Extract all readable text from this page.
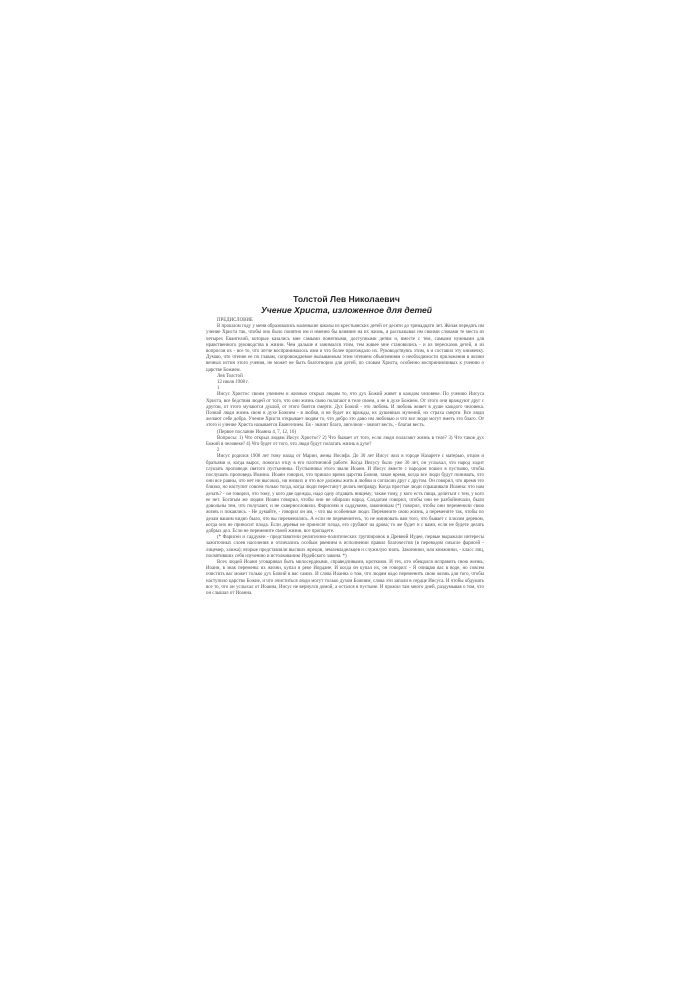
Толстой Лев Николаевич
Учение Христа, изложенное для детей

ПРЕДИСЛОВИЕ

В прошлом году у меня образовались маленькие школы из крестьянских детей от десяти до тринадцати лет. Желая передать им учение Христа так, чтобы оно было понятно им и именно бы влияние на их жизнь, я рассказывал им своими словами те места из четырех Евангелий, которые казались мне самыми понятными, доступными детям и, вместе с тем, самыми нужными для нравственного руководства в жизни. Чем дальше я занимался этим, тем живее мне становились - и из пересказов детей, и из вопросов их - все то, что легче воспринималось ими и что более пригождало их. Руководствуясь этим, я и составил эту книжечку. Думаю, что чтение ее по главам, сопровождаемое вызываемым этим чтением объяснениям о необходимости приложения в жизни вечных истин этого учения, не может не быть благотворно для детей, по словам Христа, особенно воспринимчивых к учению о царстве Божием.

Лев Толстой

12 июля 1908 г.

1

Иисус Христос своим учением и жизнью открыл людям то, что дух Божий живет в каждом человеке. По учению Иисуса Христа, все бедствия людей от того, что они жизнь свою полагают в теле своем, а не в духе Божием. От этого они враждуют друг с другом, от этого мучаются душой, от этого боятся смерти. Дух Божий - это любовь. И любовь живет в душе каждого человека. Познай люди жизнь свою в духе Божием - в любви, и не будет их вражды, их душевных мучений, их страха смерти. Все люди желают себе добра. Учение Христа открывает людям то, что добро это дано им любовью и что все люди могут иметь это благо. От этого и учение Христа называется Евангелием. Ев - значит благо, ангелион - значит весть, - благая весть.

(Первое послание Иоанна 4, 7, 12, 16)

Вопросы: 1) Что открыл людям Иисус Христос? 2) Что бывает от того, если люди полагают жизнь в теле? 3) Что такое дух Божий в человеке? 4) Что будет от того, что люди будут полагать жизнь в духе?

2

Иисус родился 1908 лет тому назад от Марии, жены Иосифа. До 30 лет Иисус жил в городе Назарете с матерью, отцом и братьями и, когда вырос, помогал отцу в его плотничной работе. Когда Иисусу было уже 30 лет, он услыхал, что народ ходит слушать проповеди святого пустынника. Пустынника этого звали Иоанн. И Иисус вместе с народом пошел в пустыню, чтобы послушать проповедь Иоанна. Иоанн говорил, что пришло время царства Божия, такое время, когда все люди будут понимать, что они все равны, что нет ни высоких, ни низких и что все должны жить в любви и согласии друг с другом. Он говорил, что время это близко, но наступит совсем только тогда, когда люди перестанут делать неправду. Когда простые люди спрашивали Иоанна: что нам делать? - он говорил, что тому, у кого две одежды, надо одну отдавать нищему; также тому, у кого есть пища, делиться с тем, у кого ее нет. Богатым же людям Иоанн говорил, чтобы они не обирали народ. Солдатам говорил, чтобы они не разбойничали, были довольны тем, что получают, и не сквернословили. Фарисеям и саддукеям, законникам (*) говорил, чтобы они переменили свою жизнь и покаялись. - Не думайте, - говорил он им, - что вы особенные люди. Перемените свою жизнь, а перемените так, чтобы по делам вашим видно было, что вы переменились. А если не переменитесь, то не минновать вам того, что бывает с плохим деревом, когда оно не приносит плода. Если деревья не приносят плода, его срубают на дрова; то же будет и с вами, если не будете делать добрых дел. Если не перемените своей жизни, все пропадете.

(* Фарисеи и саддукеи - представители религиозно-политических группировок в Древней Иудее, первые выражали интересы зажиточных слоев населения и отличались особым рвением в исполнении правил благочестия (в переводом смысле фарисей - лицемер, ханжа); вторые представляли высших жрецов, землевладельцев и служилую знать. Законники, или книжники, - класс лиц, посвятивших себя изучению и истолкованию Иудейского закона. *)

Всех людей Иоанн уговаривал быть милосердными, справедливыми, кроткими. И тех, кто обещался исправить свою жизнь, Иоанн, в знак перемены их жизни, купал в реке Иордане. И когда он купал их, он говорил: - Я очищаю вас в воде, но совсем очистить вас может только дух Божий в вас самих. И слова Иоанна о том, что людям надо переменить свою жизнь для того, чтобы наступило царство Божие, и что очиститься люди могут только духом Божиим, слова эти запали в сердце Иисуса. И чтобы обдумать все то, что он услыхал от Иоанна, Иисус не вернулся домой, а остался в пустыне. И прожил там много дней, раздумывая о том, что он слышал от Иоанна.
